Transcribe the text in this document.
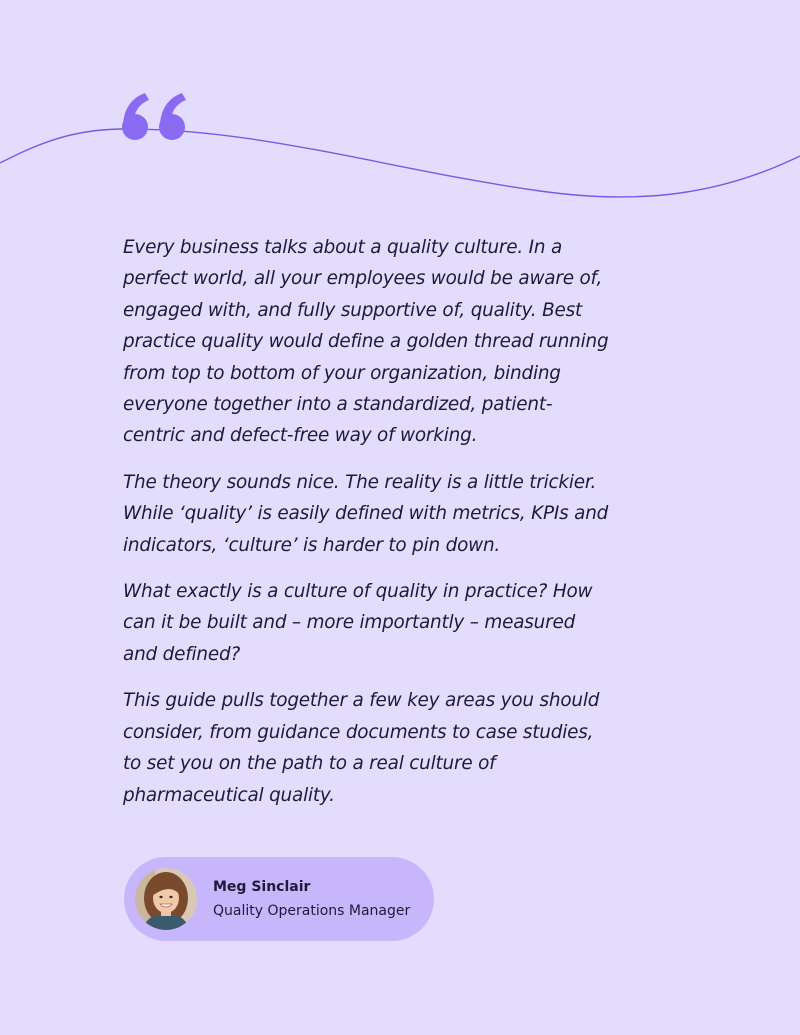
Every business talks about a quality culture. In a perfect world, all your employees would be aware of, engaged with, and fully supportive of, quality. Best practice quality would define a golden thread running from top to bottom of your organization, binding everyone together into a standardized, patient-centric and defect-free way of working.

The theory sounds nice. The reality is a little trickier. While ‘quality’ is easily defined with metrics, KPIs and indicators, ‘culture’ is harder to pin down.

What exactly is a culture of quality in practice? How can it be built and – more importantly – measured and defined?

This guide pulls together a few key areas you should consider, from guidance documents to case studies, to set you on the path to a real culture of pharmaceutical quality.

Meg Sinclair
Quality Operations Manager
